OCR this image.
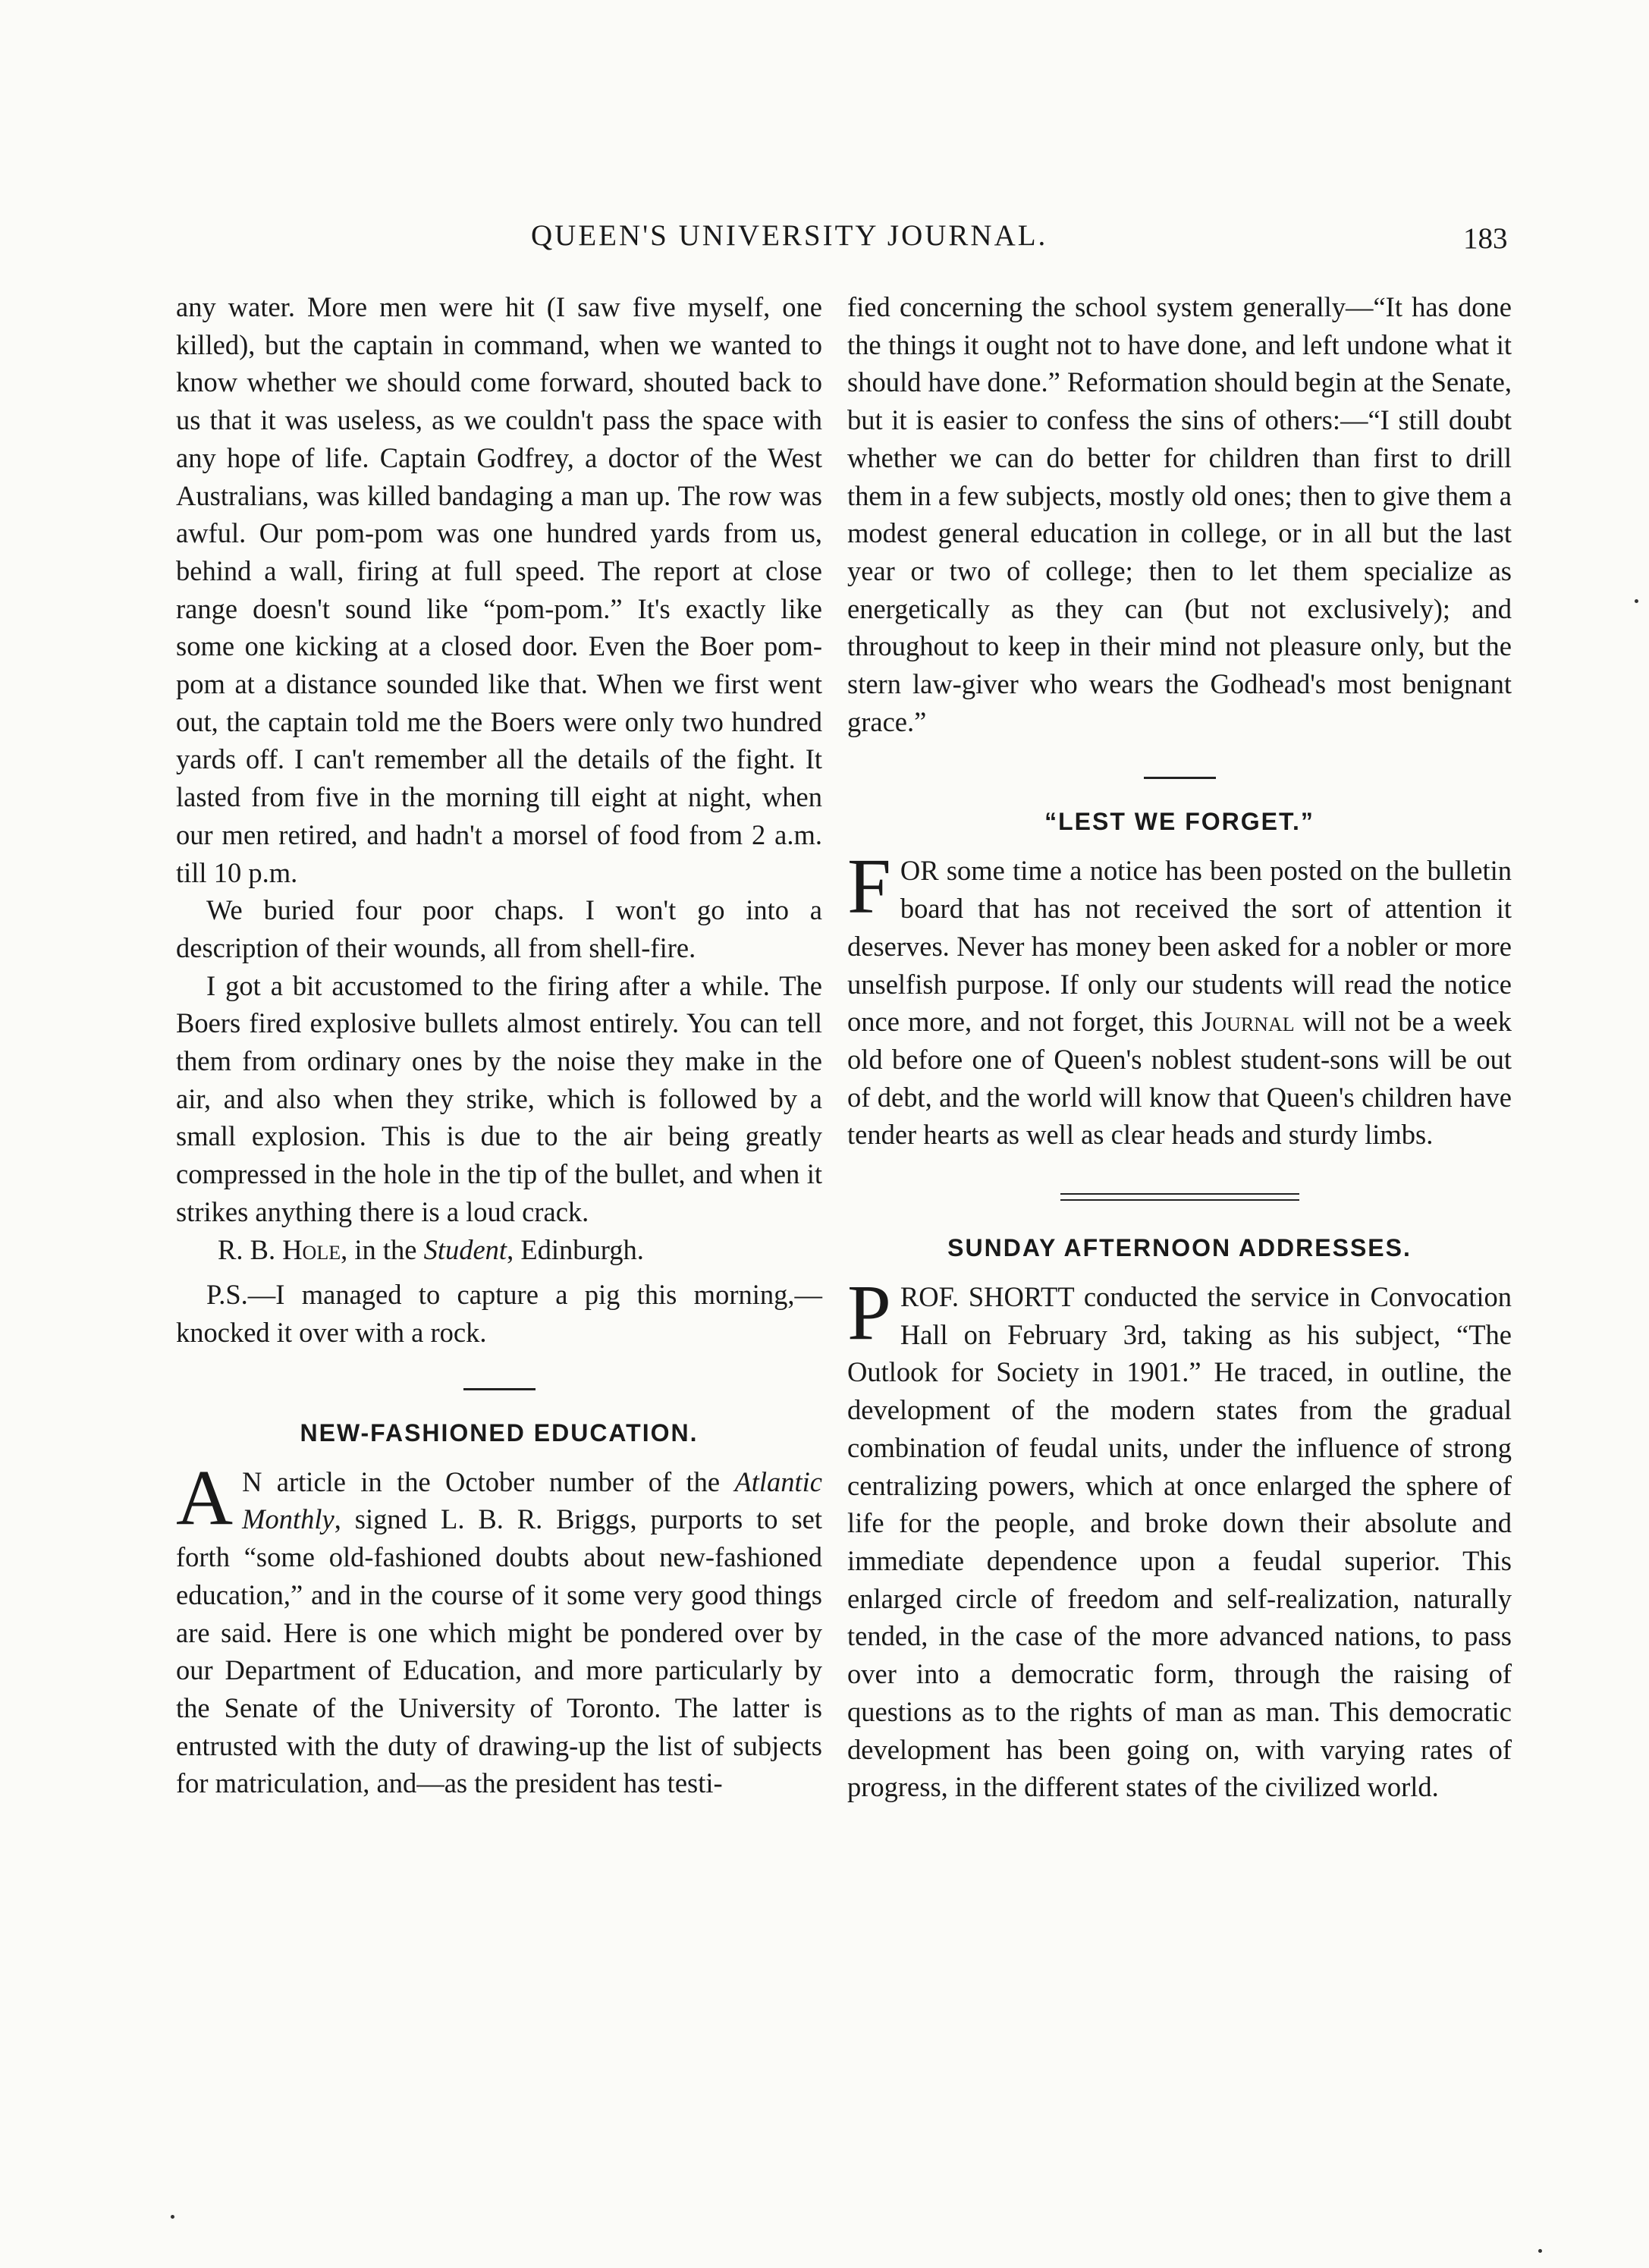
QUEEN'S UNIVERSITY JOURNAL.	183

any water. More men were hit (I saw five myself, one killed), but the captain in command, when we wanted to know whether we should come forward, shouted back to us that it was useless, as we couldn't pass the space with any hope of life. Captain Godfrey, a doctor of the West Australians, was killed bandaging a man up. The row was awful. Our pom-pom was one hundred yards from us, behind a wall, firing at full speed. The report at close range doesn't sound like “pom-pom.” It's exactly like some one kicking at a closed door. Even the Boer pom-pom at a distance sounded like that. When we first went out, the captain told me the Boers were only two hundred yards off. I can't remember all the details of the fight. It lasted from five in the morning till eight at night, when our men retired, and hadn't a morsel of food from 2 a.m. till 10 p.m.

We buried four poor chaps. I won't go into a description of their wounds, all from shell-fire.

I got a bit accustomed to the firing after a while. The Boers fired explosive bullets almost entirely. You can tell them from ordinary ones by the noise they make in the air, and also when they strike, which is followed by a small explosion. This is due to the air being greatly compressed in the hole in the tip of the bullet, and when it strikes anything there is a loud crack.

R. B. Hole, in the Student, Edinburgh.

P.S.—I managed to capture a pig this morning,—knocked it over with a rock.

NEW-FASHIONED EDUCATION.

A N article in the October number of the Atlantic Monthly, signed L. B. R. Briggs, purports to set forth “some old-fashioned doubts about new-fashioned education,” and in the course of it some very good things are said. Here is one which might be pondered over by our Department of Education, and more particularly by the Senate of the University of Toronto. The latter is entrusted with the duty of drawing-up the list of subjects for matriculation, and—as the president has testi-

fied concerning the school system generally—“It has done the things it ought not to have done, and left undone what it should have done.” Reformation should begin at the Senate, but it is easier to confess the sins of others:—“I still doubt whether we can do better for children than first to drill them in a few subjects, mostly old ones; then to give them a modest general education in college, or in all but the last year or two of college; then to let them specialize as energetically as they can (but not exclusively); and throughout to keep in their mind not pleasure only, but the stern law-giver who wears the Godhead's most benignant grace.”

“LEST WE FORGET.”

FOR some time a notice has been posted on the bulletin board that has not received the sort of attention it deserves. Never has money been asked for a nobler or more unselfish purpose. If only our students will read the notice once more, and not forget, this Journal will not be a week old before one of Queen's noblest student-sons will be out of debt, and the world will know that Queen's children have tender hearts as well as clear heads and sturdy limbs.

SUNDAY AFTERNOON ADDRESSES.

PROF. SHORTT conducted the service in Convocation Hall on February 3rd, taking as his subject, “The Outlook for Society in 1901.” He traced, in outline, the development of the modern states from the gradual combination of feudal units, under the influence of strong centralizing powers, which at once enlarged the sphere of life for the people, and broke down their absolute and immediate dependence upon a feudal superior. This enlarged circle of freedom and self-realization, naturally tended, in the case of the more advanced nations, to pass over into a democratic form, through the raising of questions as to the rights of man as man. This democratic development has been going on, with varying rates of progress, in the different states of the civilized world.
